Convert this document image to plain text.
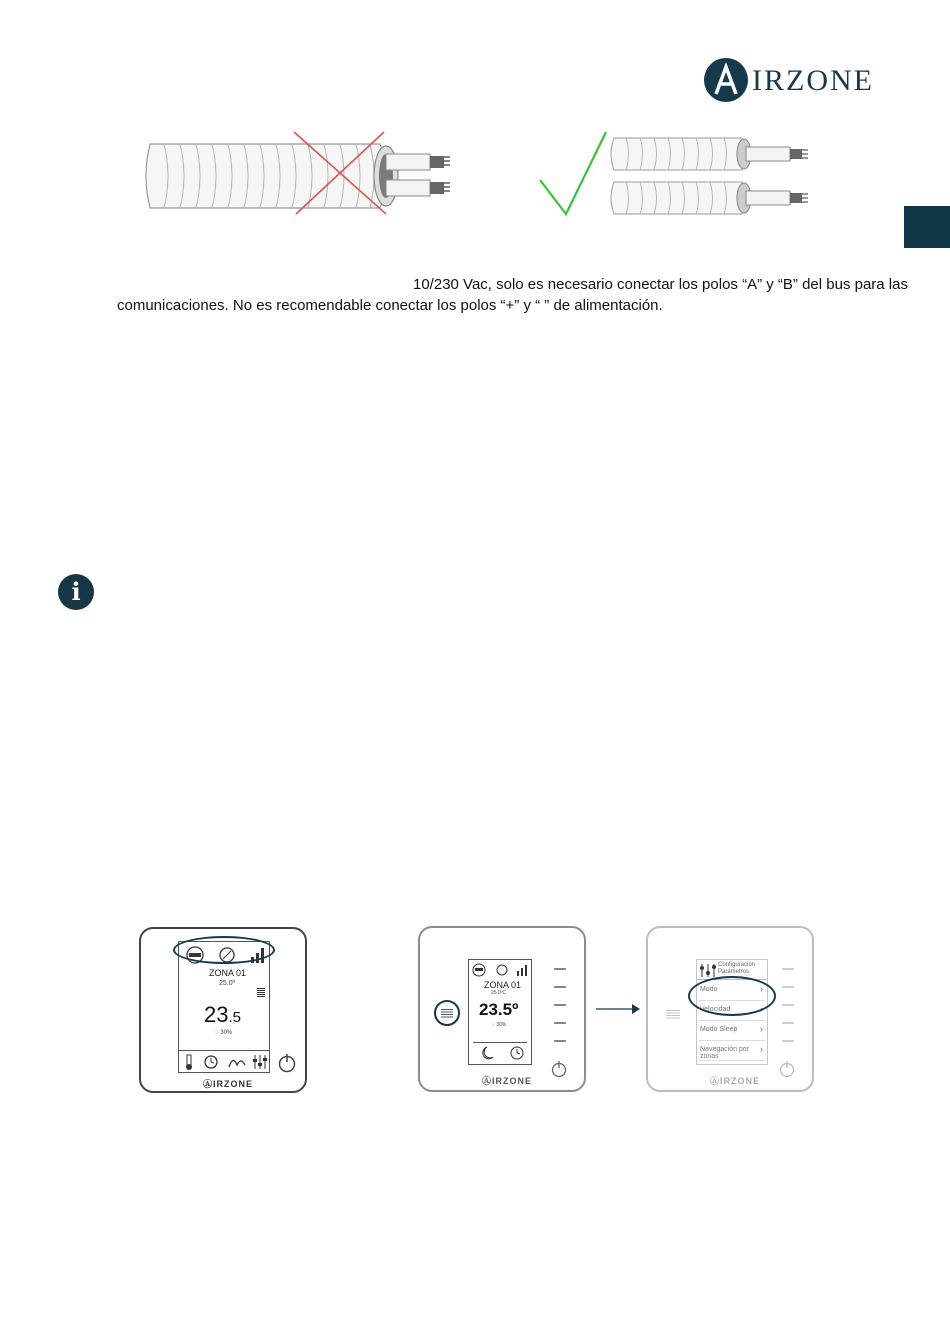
IRZONE
10/230 Vac, solo es necesario conectar los polos “A” y “B” del bus para las
comunicaciones. No es recomendable conectar los polos “+” y “ ” de alimentación.
i
ZONA 01
25.0º
23.5
◌ 30%
ⒶIRZONE
ZONA 01
25.0ºC
23.5º
◌ 30%
ⒶIRZONE
Configuración
Parámetros
Modo	›
Velocidad	›
Modo Sleep	›
Navegación por zonas
›
ⒶIRZONE
